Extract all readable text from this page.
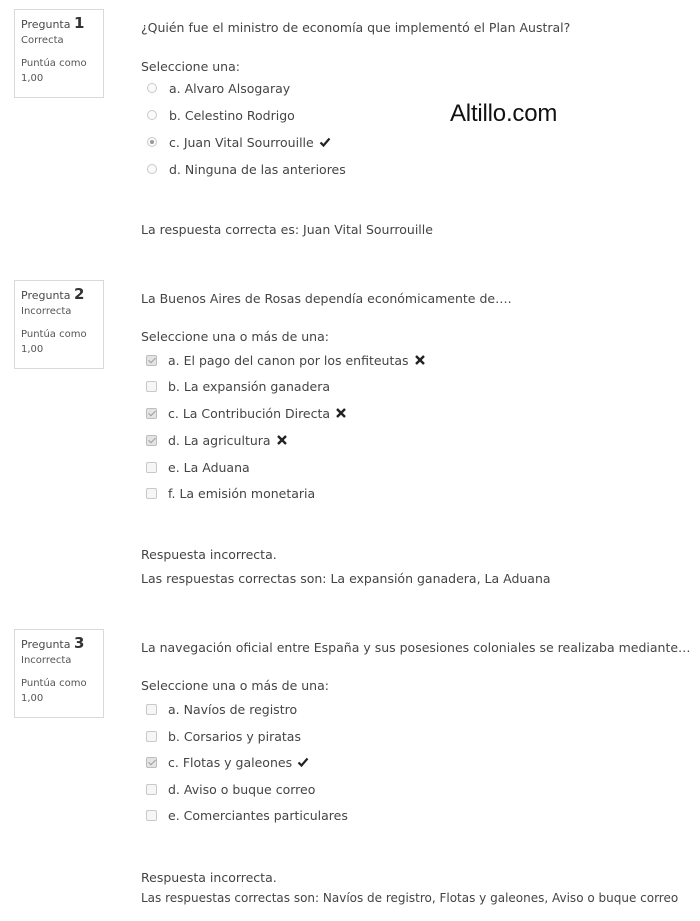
Altillo.com
Pregunta 1
Correcta
Puntúa como
1,00
¿Quién fue el ministro de economía que implementó el Plan Austral?
Seleccione una:
a. Alvaro Alsogaray
b. Celestino Rodrigo
c. Juan Vital Sourrouille
d. Ninguna de las anteriores
La respuesta correcta es: Juan Vital Sourrouille
Pregunta 2
Incorrecta
Puntúa como
1,00
La Buenos Aires de Rosas dependía económicamente de….
Seleccione una o más de una:
a. El pago del canon por los enfiteutas
b. La expansión ganadera
c. La Contribución Directa
d. La agricultura
e. La Aduana
f. La emisión monetaria
Respuesta incorrecta.
Las respuestas correctas son: La expansión ganadera, La Aduana
Pregunta 3
Incorrecta
Puntúa como
1,00
La navegación oficial entre España y sus posesiones coloniales se realizaba mediante…
Seleccione una o más de una:
a. Navíos de registro
b. Corsarios y piratas
c. Flotas y galeones
d. Aviso o buque correo
e. Comerciantes particulares
Respuesta incorrecta.
Las respuestas correctas son: Navíos de registro, Flotas y galeones, Aviso o buque correo
